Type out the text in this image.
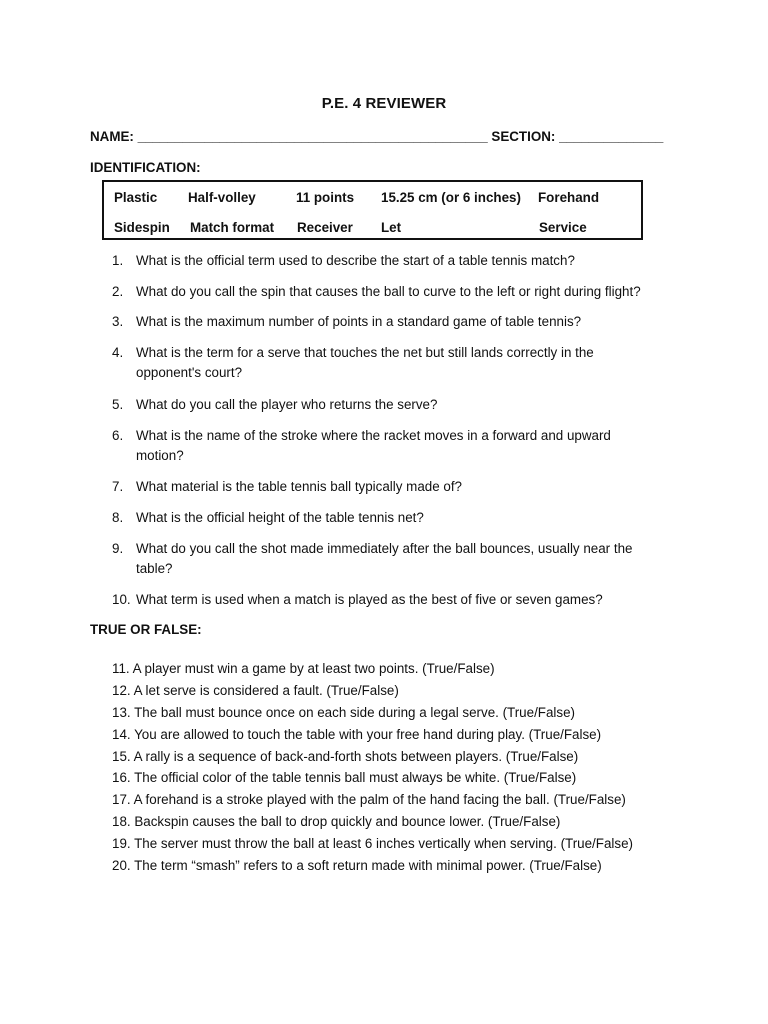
P.E. 4 REVIEWER
NAME: _______________________________________________ SECTION: ______________
IDENTIFICATION:
Plastic Half-volley	11 points 15.25 cm (or 6 inches) Forehand
Sidespin Match format Receiver Let	Service
1. What is the official term used to describe the start of a table tennis match?
2. What do you call the spin that causes the ball to curve to the left or right during flight?
3. What is the maximum number of points in a standard game of table tennis?
4. What is the term for a serve that touches the net but still lands correctly in the opponent's court?
5. What do you call the player who returns the serve?
6. What is the name of the stroke where the racket moves in a forward and upward motion?
7. What material is the table tennis ball typically made of?
8. What is the official height of the table tennis net?
9. What do you call the shot made immediately after the ball bounces, usually near the table?
10. What term is used when a match is played as the best of five or seven games?
TRUE OR FALSE:
11. A player must win a game by at least two points. (True/False)
12. A let serve is considered a fault. (True/False)
13. The ball must bounce once on each side during a legal serve. (True/False)
14. You are allowed to touch the table with your free hand during play. (True/False)
15. A rally is a sequence of back-and-forth shots between players. (True/False)
16. The official color of the table tennis ball must always be white. (True/False)
17. A forehand is a stroke played with the palm of the hand facing the ball. (True/False)
18. Backspin causes the ball to drop quickly and bounce lower. (True/False)
19. The server must throw the ball at least 6 inches vertically when serving. (True/False)
20. The term “smash” refers to a soft return made with minimal power. (True/False)
